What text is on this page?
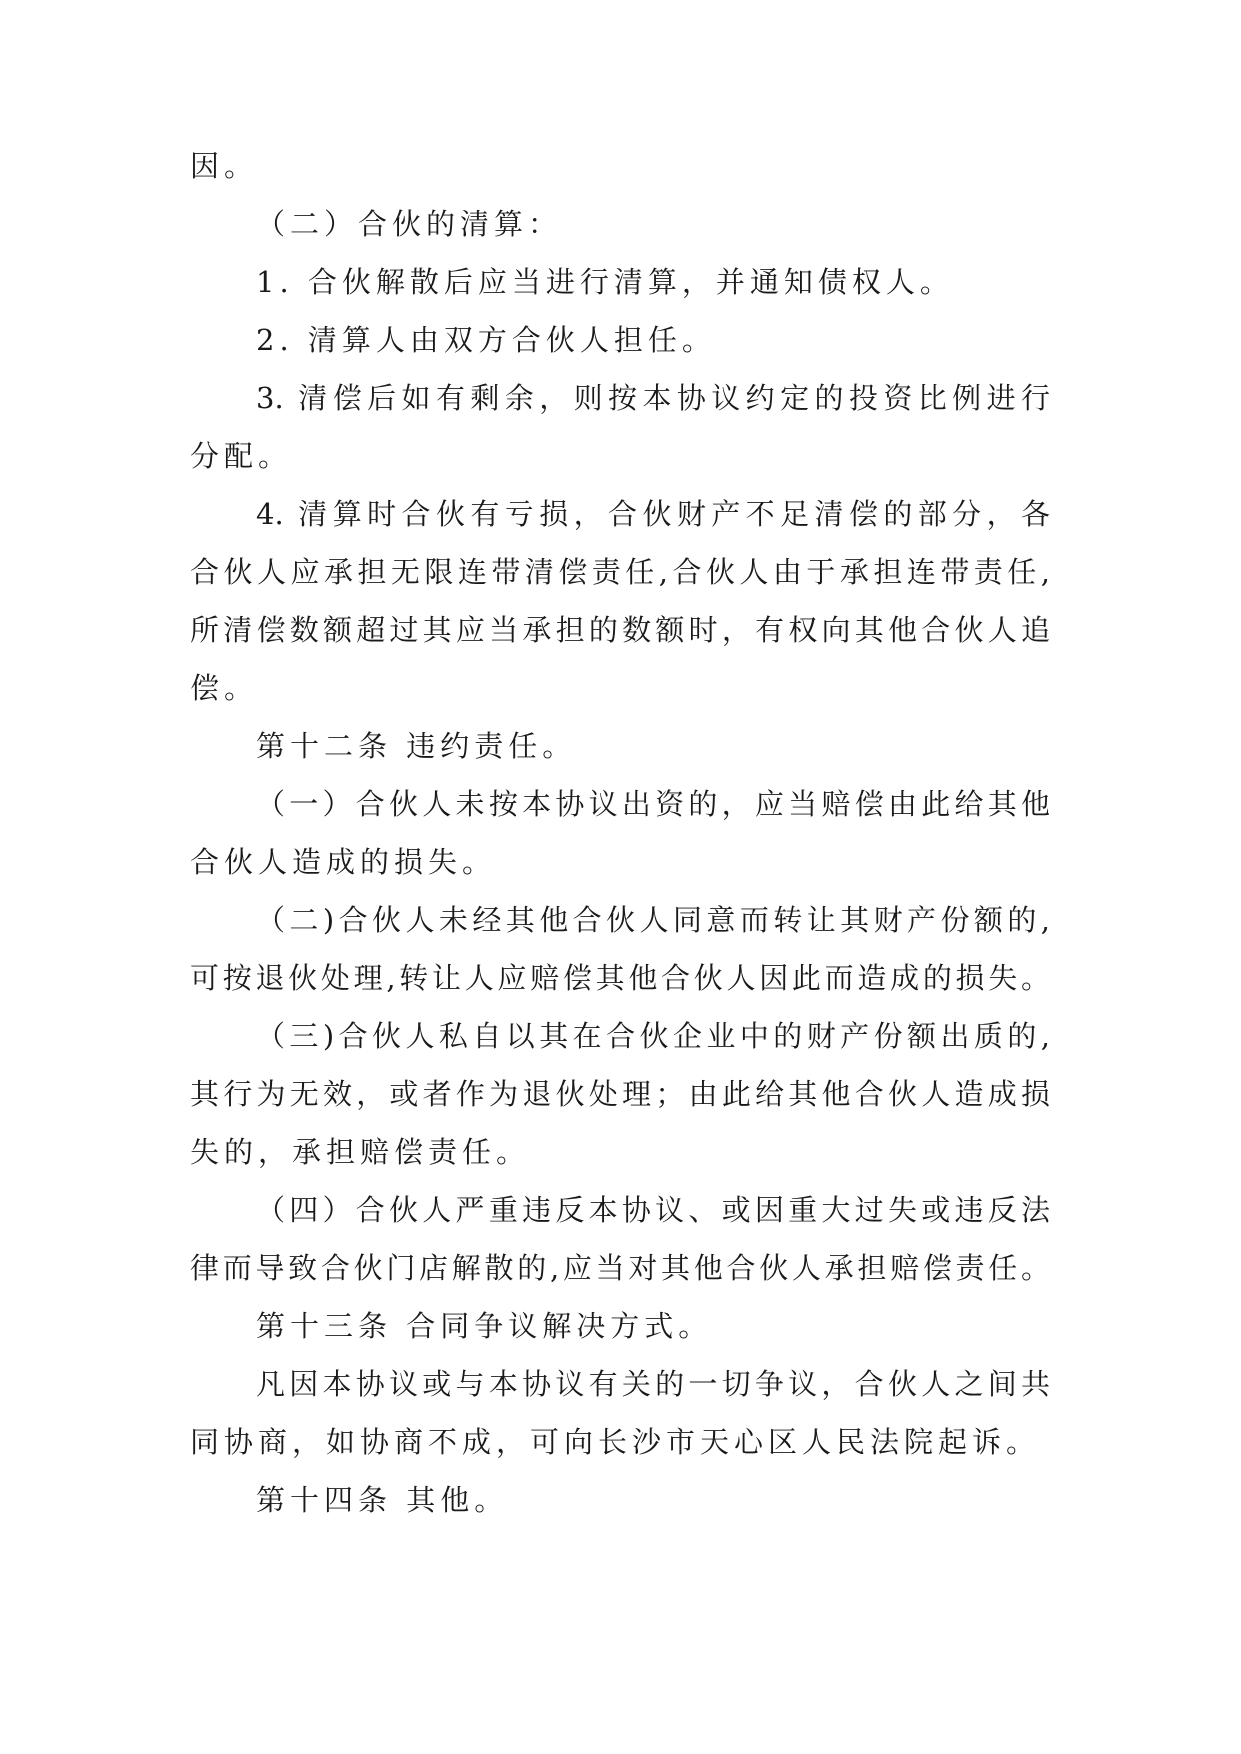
因。
（二）合伙的清算：
1. 合伙解散后应当进行清算，并通知债权人。
2. 清算人由双方合伙人担任。
3. 清偿后如有剩余，则按本协议约定的投资比例进行
分配。
4. 清算时合伙有亏损，合伙财产不足清偿的部分，各
合伙人应承担无限连带清偿责任,合伙人由于承担连带责任,
所清偿数额超过其应当承担的数额时，有权向其他合伙人追
偿。
第十二条 违约责任。
（一）合伙人未按本协议出资的，应当赔偿由此给其他
合伙人造成的损失。
（二)合伙人未经其他合伙人同意而转让其财产份额的,
可按退伙处理,转让人应赔偿其他合伙人因此而造成的损失。
（三)合伙人私自以其在合伙企业中的财产份额出质的,
其行为无效，或者作为退伙处理；由此给其他合伙人造成损
失的，承担赔偿责任。
（四）合伙人严重违反本协议、或因重大过失或违反法
律而导致合伙门店解散的,应当对其他合伙人承担赔偿责任。
第十三条 合同争议解决方式。
凡因本协议或与本协议有关的一切争议，合伙人之间共
同协商，如协商不成，可向长沙市天心区人民法院起诉。
第十四条 其他。
